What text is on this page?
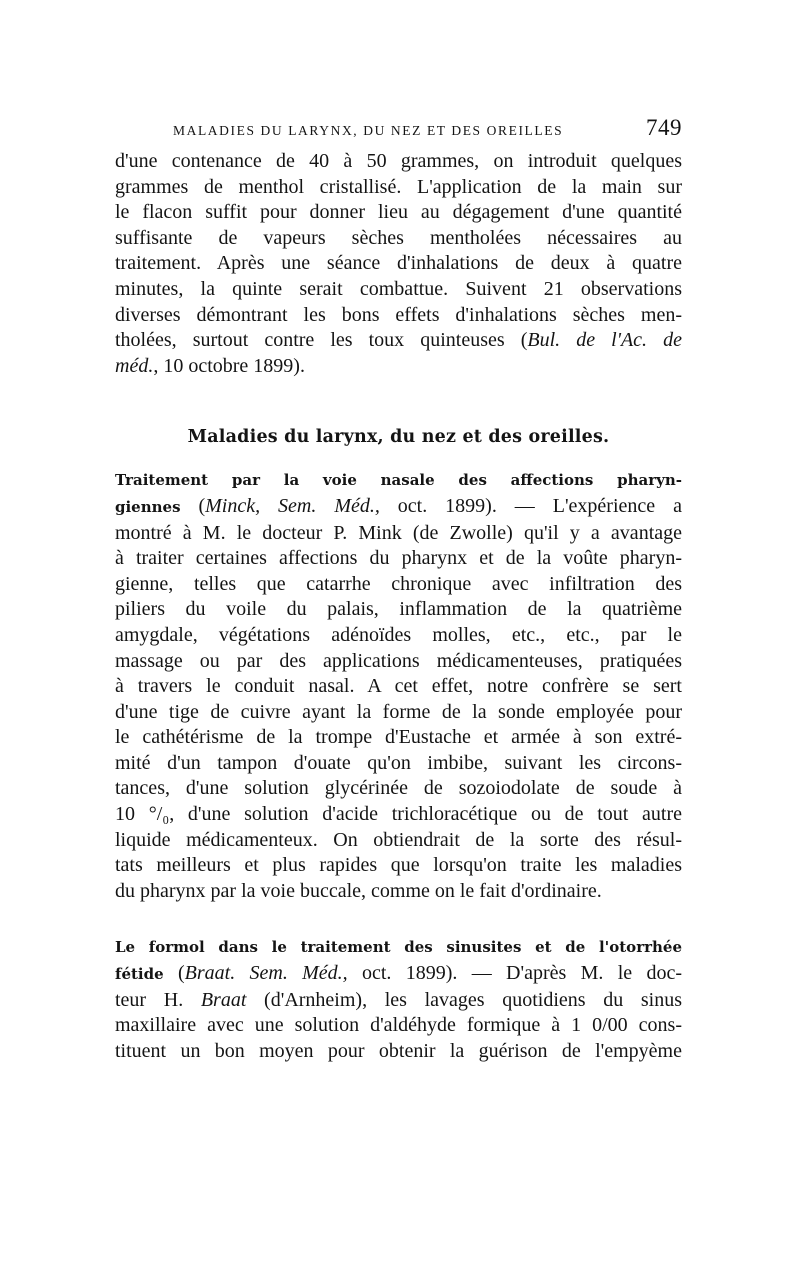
MALADIES DU LARYNX, DU NEZ ET DES OREILLES	749

d'une contenance de 40 à 50 grammes, on introduit quelques
grammes de menthol cristallisé. L'application de la main sur
le flacon suffit pour donner lieu au dégagement d'une quantité
suffisante de vapeurs sèches mentholées nécessaires au
traitement. Après une séance d'inhalations de deux à quatre
minutes, la quinte serait combattue. Suivent 21 observations
diverses démontrant les bons effets d'inhalations sèches men-
tholées, surtout contre les toux quinteuses (Bul. de l'Ac. de
méd., 10 octobre 1899).

Maladies du larynx, du nez et des oreilles.

Traitement par la voie nasale des affections pharyn-
giennes (Minck, Sem. Méd., oct. 1899). — L'expérience a
montré à M. le docteur P. Mink (de Zwolle) qu'il y a avantage
à traiter certaines affections du pharynx et de la voûte pharyn-
gienne, telles que catarrhe chronique avec infiltration des
piliers du voile du palais, inflammation de la quatrième
amygdale, végétations adénoïdes molles, etc., etc., par le
massage ou par des applications médicamenteuses, pratiquées
à travers le conduit nasal. A cet effet, notre confrère se sert
d'une tige de cuivre ayant la forme de la sonde employée pour
le cathétérisme de la trompe d'Eustache et armée à son extré-
mité d'un tampon d'ouate qu'on imbibe, suivant les circons-
tances, d'une solution glycérinée de sozoiodolate de soude à
10 °/₀, d'une solution d'acide trichloracétique ou de tout autre
liquide médicamenteux. On obtiendrait de la sorte des résul-
tats meilleurs et plus rapides que lorsqu'on traite les maladies
du pharynx par la voie buccale, comme on le fait d'ordinaire.

Le formol dans le traitement des sinusites et de l'otorrhée
fétide (Braat. Sem. Méd., oct. 1899). — D'après M. le doc-
teur H. Braat (d'Arnheim), les lavages quotidiens du sinus
maxillaire avec une solution d'aldéhyde formique à 1 0/00 cons-
tituent un bon moyen pour obtenir la guérison de l'empyème
